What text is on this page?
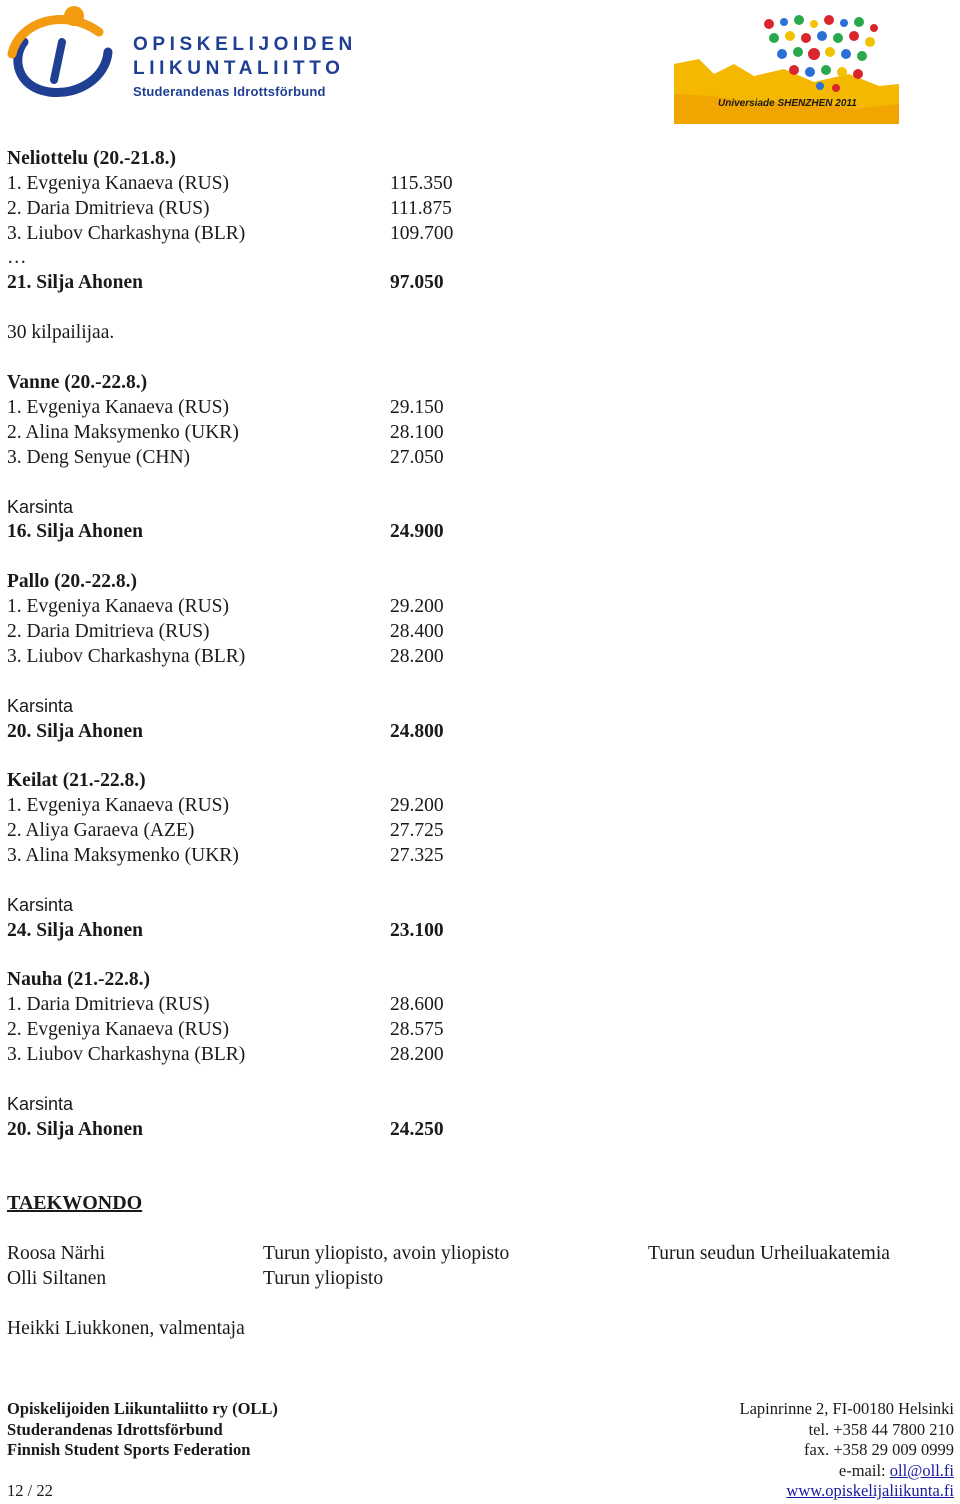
OPISKELIJOIDEN
LIIKUNTALIITTO
Studerandenas Idrottsförbund
Universiade SHENZHEN 2011
Neliottelu (20.-21.8.)
1. Evgeniya Kanaeva (RUS)	115.350
2. Daria Dmitrieva (RUS)	111.875
3. Liubov Charkashyna (BLR)	109.700
…
21. Silja Ahonen	97.050
30 kilpailijaa.
Vanne (20.-22.8.)
1. Evgeniya Kanaeva (RUS)	29.150
2. Alina Maksymenko (UKR)	28.100
3. Deng Senyue (CHN)	27.050
Karsinta
16. Silja Ahonen	24.900
Pallo (20.-22.8.)
1. Evgeniya Kanaeva (RUS)	29.200
2. Daria Dmitrieva (RUS)	28.400
3. Liubov Charkashyna (BLR)	28.200
Karsinta
20. Silja Ahonen	24.800
Keilat (21.-22.8.)
1. Evgeniya Kanaeva (RUS)	29.200
2. Aliya Garaeva (AZE)	27.725
3. Alina Maksymenko (UKR)	27.325
Karsinta
24. Silja Ahonen	23.100
Nauha (21.-22.8.)
1. Daria Dmitrieva (RUS)	28.600
2. Evgeniya Kanaeva (RUS)	28.575
3. Liubov Charkashyna (BLR)	28.200
Karsinta
20. Silja Ahonen	24.250
TAEKWONDO
Roosa Närhi	Turun yliopisto, avoin yliopisto	Turun seudun Urheiluakatemia
Olli Siltanen	Turun yliopisto
Heikki Liukkonen, valmentaja
Opiskelijoiden Liikuntaliitto ry (OLL)
Studerandenas Idrottsförbund
Finnish Student Sports Federation
12 / 22
Lapinrinne 2, FI-00180 Helsinki
tel. +358 44 7800 210
fax. +358 29 009 0999
e-mail: oll@oll.fi
www.opiskelijaliikunta.fi
